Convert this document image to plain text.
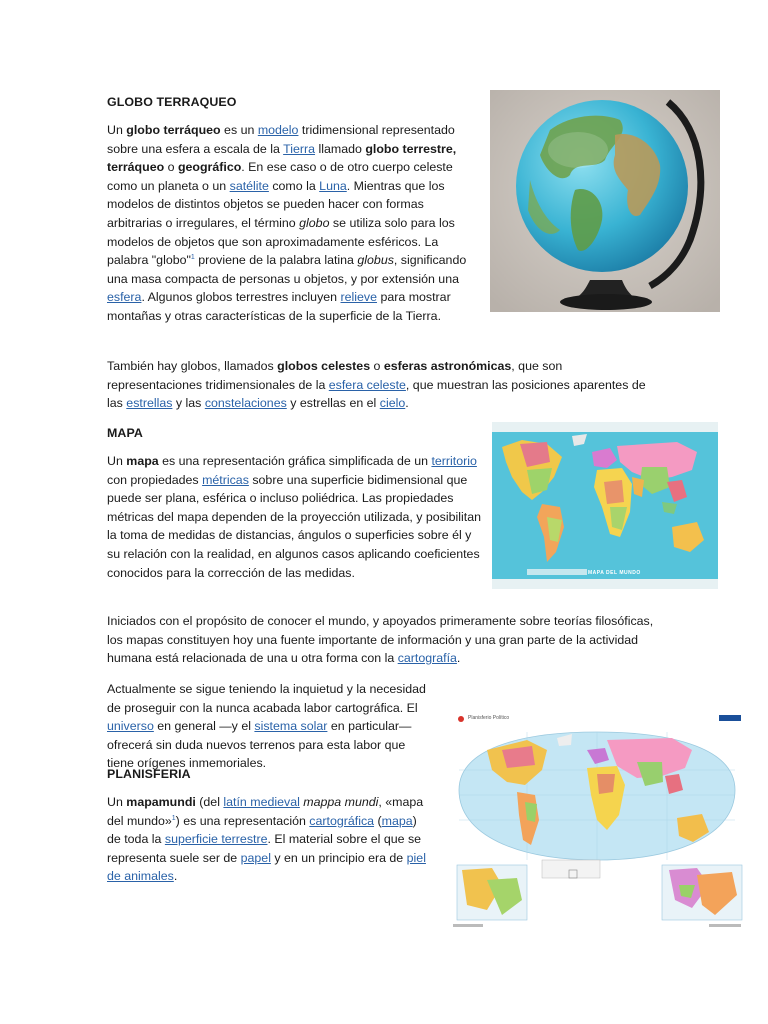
GLOBO TERRAQUEO

Un globo terráqueo es un modelo tridimensional representado sobre una esfera a escala de la Tierra llamado globo terrestre, terráqueo o geográfico. En ese caso o de otro cuerpo celeste como un planeta o un satélite como la Luna. Mientras que los modelos de distintos objetos se pueden hacer con formas arbitrarias o irregulares, el término globo se utiliza solo para los modelos de objetos que son aproximadamente esféricos. La palabra "globo"$^1$ proviene de la palabra latina globus, significando una masa compacta de personas u objetos, y por extensión una esfera. Algunos globos terrestres incluyen relieve para mostrar montañas y otras características de la superficie de la Tierra.

También hay globos, llamados globos celestes o esferas astronómicas, que son representaciones tridimensionales de la esfera celeste, que muestran las posiciones aparentes de las estrellas y las constelaciones y estrellas en el cielo.

MAPA

Un mapa es una representación gráfica simplificada de un territorio con propiedades métricas sobre una superficie bidimensional que puede ser plana, esférica o incluso poliédrica. Las propiedades métricas del mapa dependen de la proyección utilizada, y posibilitan la toma de medidas de distancias, ángulos o superficies sobre él y su relación con la realidad, en algunos casos aplicando coeficientes conocidos para la corrección de las medidas.

Iniciados con el propósito de conocer el mundo, y apoyados primeramente sobre teorías filosóficas, los mapas constituyen hoy una fuente importante de información y una gran parte de la actividad humana está relacionada de una u otra forma con la cartografía.

Actualmente se sigue teniendo la inquietud y la necesidad de proseguir con la nunca acabada labor cartográfica. El universo en general —y el sistema solar en particular— ofrecerá sin duda nuevos terrenos para esta labor que tiene orígenes inmemoriales.

MAPA DEL MUNDO
PLANISFERIA

Un mapamundi (del latín medieval mappa mundi, «mapa del mundo»$^1$) es una representación cartográfica (mapa) de toda la superficie terrestre. El material sobre el que se representa suele ser de papel y en un principio era de piel de animales.

Planisferio Político
